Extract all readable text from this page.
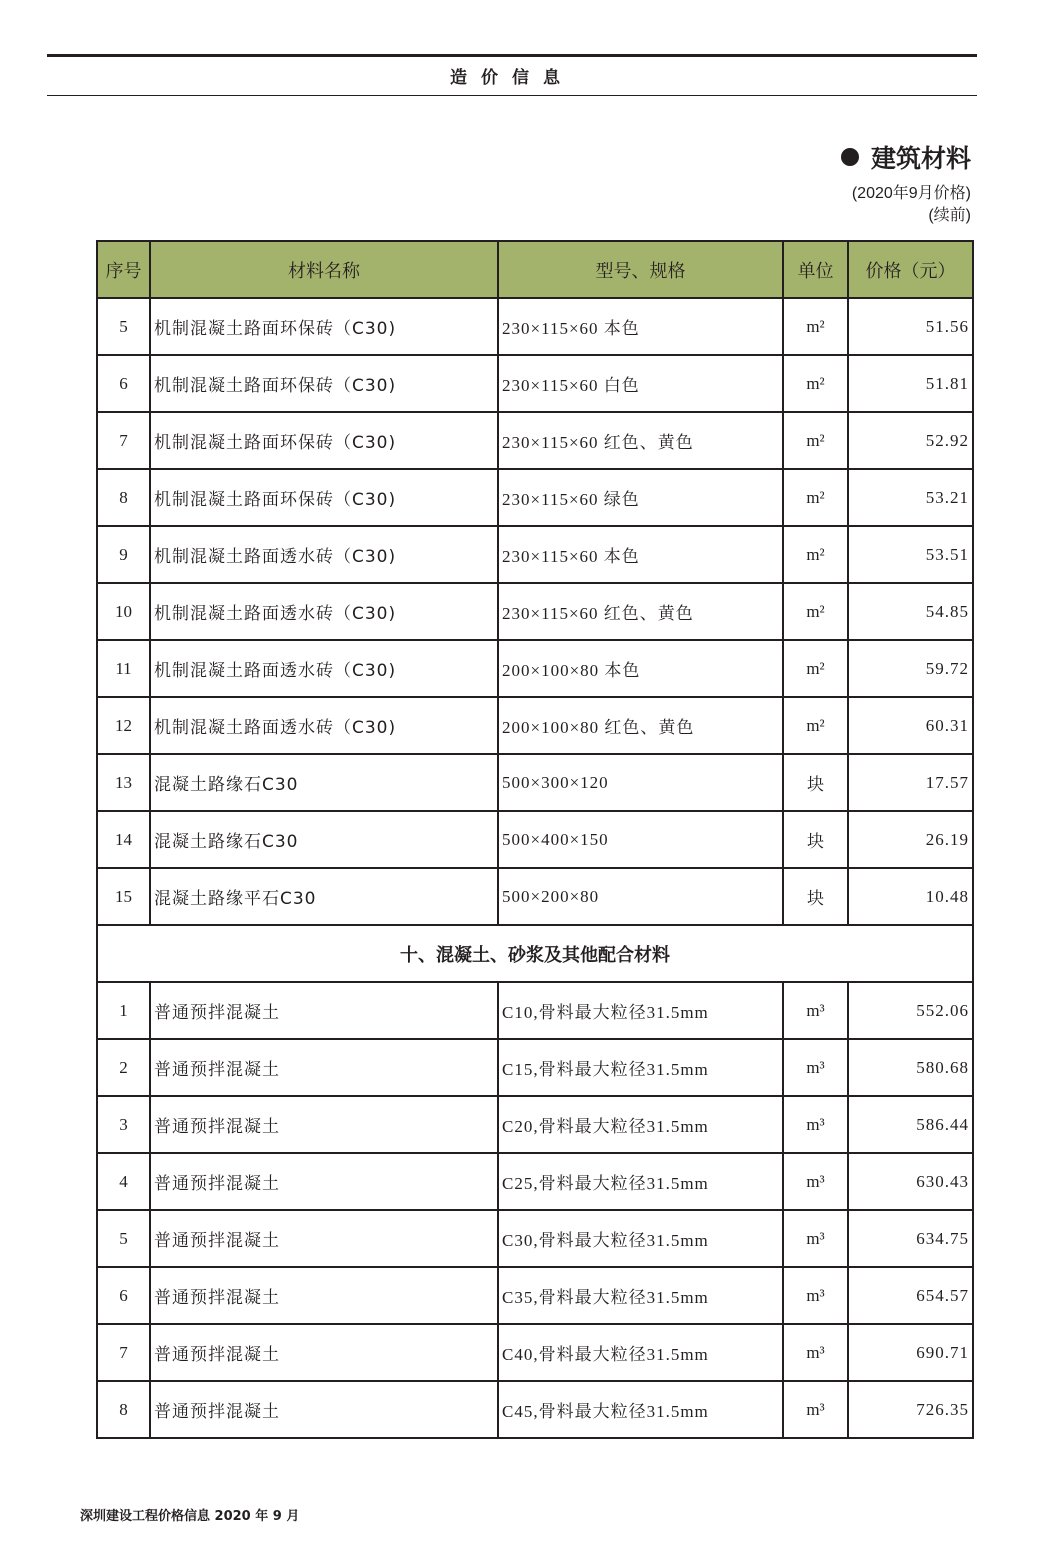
造价信息
建筑材料
(2020年9月价格)
(续前)
序号	材料名称	型号、规格	单位	价格（元）
5	机制混凝土路面环保砖（C30)	230×115×60 本色	m²	51.56
6	机制混凝土路面环保砖（C30)	230×115×60 白色	m²	51.81
7	机制混凝土路面环保砖（C30)	230×115×60 红色、黄色	m²	52.92
8	机制混凝土路面环保砖（C30)	230×115×60 绿色	m²	53.21
9	机制混凝土路面透水砖（C30)	230×115×60 本色	m²	53.51
10	机制混凝土路面透水砖（C30)	230×115×60 红色、黄色	m²	54.85
11	机制混凝土路面透水砖（C30)	200×100×80 本色	m²	59.72
12	机制混凝土路面透水砖（C30)	200×100×80 红色、黄色	m²	60.31
13	混凝土路缘石C30	500×300×120	块	17.57
14	混凝土路缘石C30	500×400×150	块	26.19
15	混凝土路缘平石C30	500×200×80	块	10.48
十、混凝土、砂浆及其他配合材料				
1	普通预拌混凝土	C10,骨料最大粒径31.5mm	m³	552.06
2	普通预拌混凝土	C15,骨料最大粒径31.5mm	m³	580.68
3	普通预拌混凝土	C20,骨料最大粒径31.5mm	m³	586.44
4	普通预拌混凝土	C25,骨料最大粒径31.5mm	m³	630.43
5	普通预拌混凝土	C30,骨料最大粒径31.5mm	m³	634.75
6	普通预拌混凝土	C35,骨料最大粒径31.5mm	m³	654.57
7	普通预拌混凝土	C40,骨料最大粒径31.5mm	m³	690.71
8	普通预拌混凝土	C45,骨料最大粒径31.5mm	m³	726.35
深圳建设工程价格信息 2020 年 9 月
